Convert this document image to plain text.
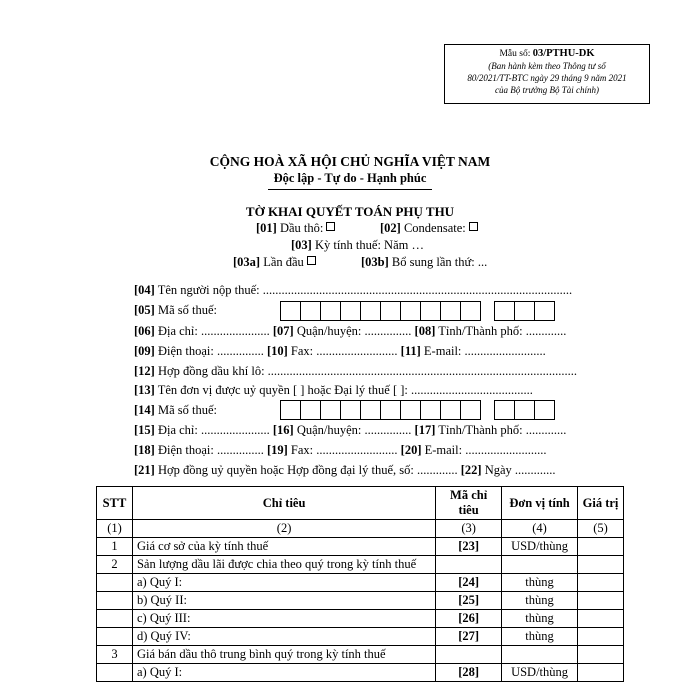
Mẫu số: 03/PTHU-DK
(Ban hành kèm theo Thông tư số
80/2021/TT-BTC ngày 29 tháng 9 năm 2021
của Bộ trưởng Bộ Tài chính)
CỘNG HOÀ XÃ HỘI CHỦ NGHĨA VIỆT NAM
Độc lập - Tự do - Hạnh phúc
TỜ KHAI QUYẾT TOÁN PHỤ THU
[01] Dầu thô:	[02] Condensate:
[03] Kỳ tính thuế: Năm …
[03a] Lần đầu	[03b] Bổ sung lần thứ: ...
[04] Tên người nộp thuế: ...................................................................................................
[05] Mã số thuế:
[06] Địa chỉ: ...................... [07] Quận/huyện: ............... [08] Tỉnh/Thành phố: .............
[09] Điện thoại: ............... [10] Fax: .......................... [11] E-mail: ..........................
[12] Hợp đồng dầu khí lô: ...................................................................................................
[13] Tên đơn vị được uỷ quyền [ ] hoặc Đại lý thuế [ ]: .......................................
[14] Mã số thuế:
[15] Địa chỉ: ...................... [16] Quận/huyện: ............... [17] Tỉnh/Thành phố: .............
[18] Điện thoại: ............... [19] Fax: .......................... [20] E-mail: ..........................
[21] Hợp đồng uỷ quyền hoặc Hợp đồng đại lý thuế, số: ............. [22] Ngày .............
STT	Chỉ tiêu	Mã chỉ tiêu	Đơn vị tính	Giá trị
(1)	(2)	(3)	(4)	(5)
1	Giá cơ sở của kỳ tính thuế	[23]	USD/thùng	
2	Sản lượng dầu lãi được chia theo quý trong kỳ tính thuế			
	a) Quý I:	[24]	thùng	
	b) Quý II:	[25]	thùng	
	c) Quý III:	[26]	thùng	
	d) Quý IV:	[27]	thùng	
3	Giá bán dầu thô trung bình quý trong kỳ tính thuế			
	a) Quý I:	[28]	USD/thùng	
